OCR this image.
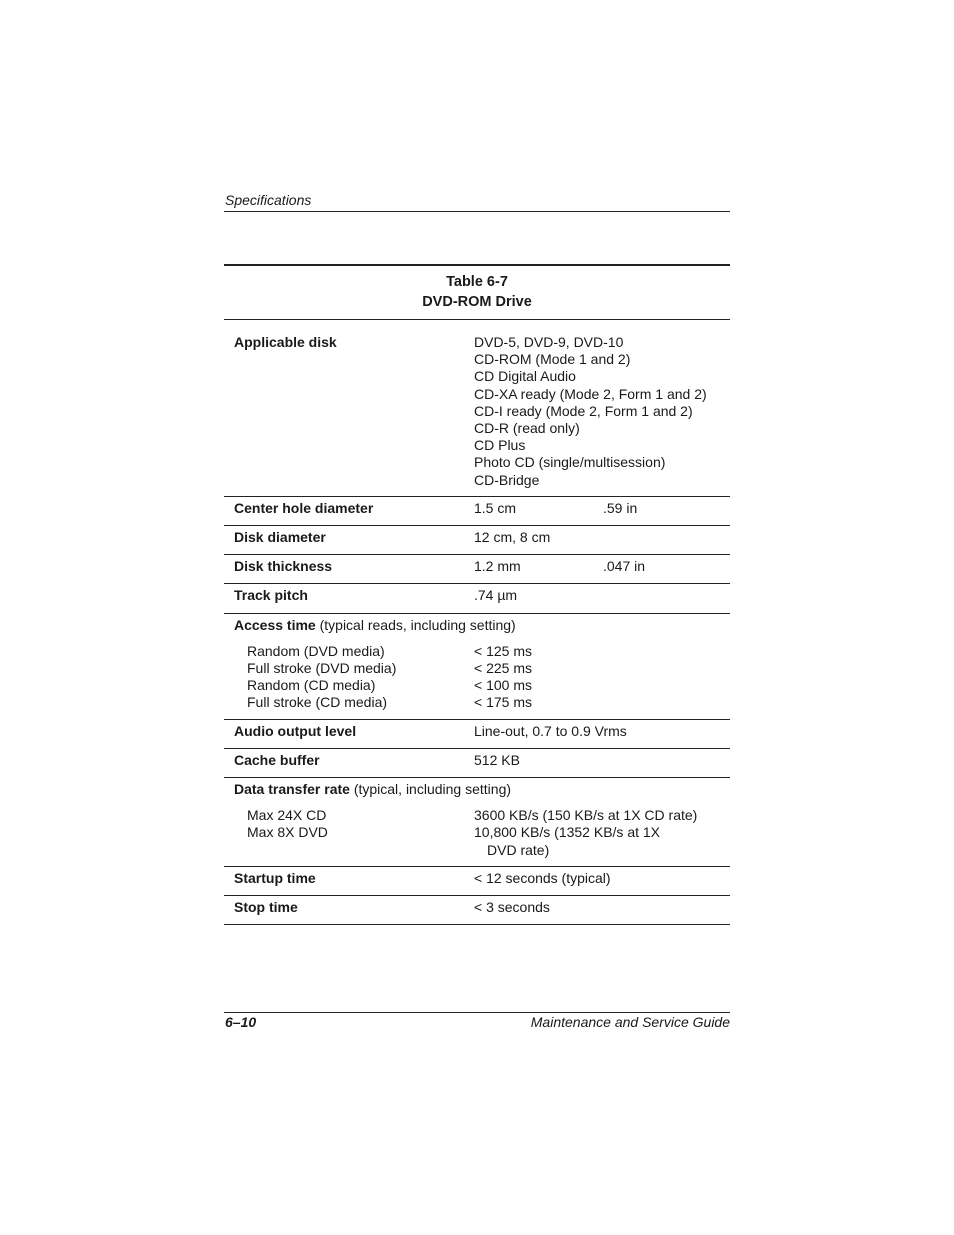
Specifications
Table 6-7
DVD-ROM Drive
Applicable disk	DVD-5, DVD-9, DVD-10
CD-ROM (Mode 1 and 2)
CD Digital Audio
CD-XA ready (Mode 2, Form 1 and 2)
CD-I ready (Mode 2, Form 1 and 2)
CD-R (read only)
CD Plus
Photo CD (single/multisession)
CD-Bridge
Center hole diameter	1.5 cm	.59 in
Disk diameter	12 cm, 8 cm
Disk thickness	1.2 mm	.047 in
Track pitch	.74 µm
Access time (typical reads, including setting)
Random (DVD media)	< 125 ms
Full stroke (DVD media)	< 225 ms
Random (CD media)	< 100 ms
Full stroke (CD media)	< 175 ms
Audio output level	Line-out, 0.7 to 0.9 Vrms
Cache buffer	512 KB
Data transfer rate (typical, including setting)
Max 24X CD	3600 KB/s (150 KB/s at 1X CD rate)
Max 8X DVD	10,800 KB/s (1352 KB/s at 1X
DVD rate)
Startup time	< 12 seconds (typical)
Stop time	< 3 seconds
6–10	Maintenance and Service Guide
